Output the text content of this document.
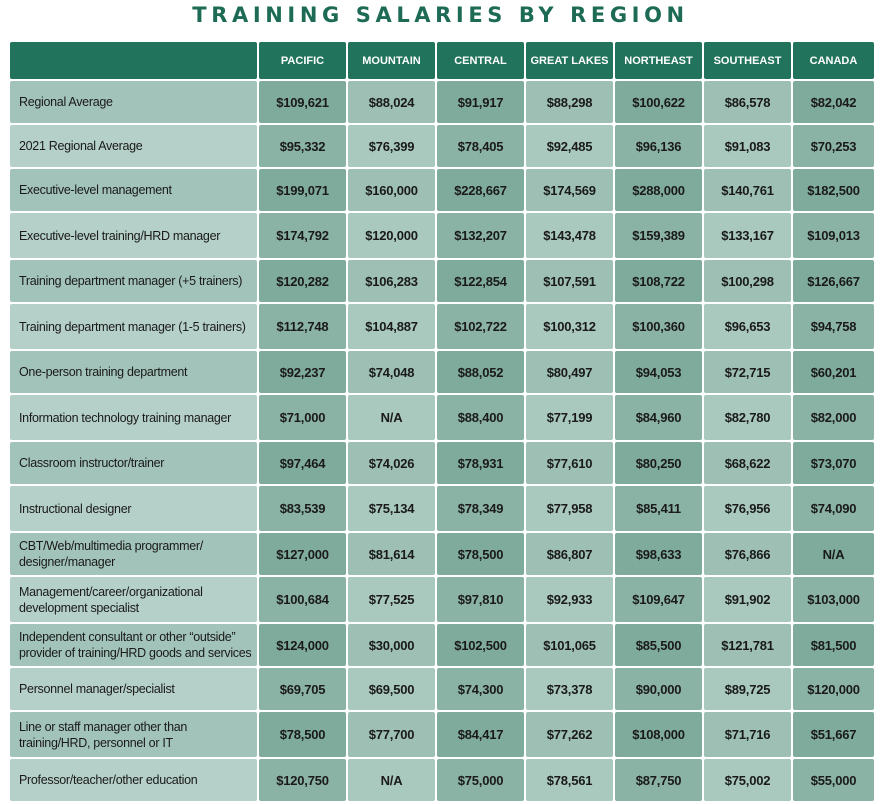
TRAINING SALARIES BY REGION
	PACIFIC	MOUNTAIN	CENTRAL	GREAT LAKES	NORTHEAST	SOUTHEAST	CANADA
Regional Average	$109,621	$88,024	$91,917	$88,298	$100,622	$86,578	$82,042
2021 Regional Average	$95,332	$76,399	$78,405	$92,485	$96,136	$91,083	$70,253
Executive-level management	$199,071	$160,000	$228,667	$174,569	$288,000	$140,761	$182,500
Executive-level training/HRD manager	$174,792	$120,000	$132,207	$143,478	$159,389	$133,167	$109,013
Training department manager (+5 trainers)	$120,282	$106,283	$122,854	$107,591	$108,722	$100,298	$126,667
Training department manager (1-5 trainers)	$112,748	$104,887	$102,722	$100,312	$100,360	$96,653	$94,758
One-person training department	$92,237	$74,048	$88,052	$80,497	$94,053	$72,715	$60,201
Information technology training manager	$71,000	N/A	$88,400	$77,199	$84,960	$82,780	$82,000
Classroom instructor/trainer	$97,464	$74,026	$78,931	$77,610	$80,250	$68,622	$73,070
Instructional designer	$83,539	$75,134	$78,349	$77,958	$85,411	$76,956	$74,090
CBT/Web/multimedia programmer/ designer/manager	$127,000	$81,614	$78,500	$86,807	$98,633	$76,866	N/A
Management/career/organizational development specialist	$100,684	$77,525	$97,810	$92,933	$109,647	$91,902	$103,000
Independent consultant or other “outside” provider of training/HRD goods and services	$124,000	$30,000	$102,500	$101,065	$85,500	$121,781	$81,500
Personnel manager/specialist	$69,705	$69,500	$74,300	$73,378	$90,000	$89,725	$120,000
Line or staff manager other than training/HRD, personnel or IT	$78,500	$77,700	$84,417	$77,262	$108,000	$71,716	$51,667
Professor/teacher/other education	$120,750	N/A	$75,000	$78,561	$87,750	$75,002	$55,000
